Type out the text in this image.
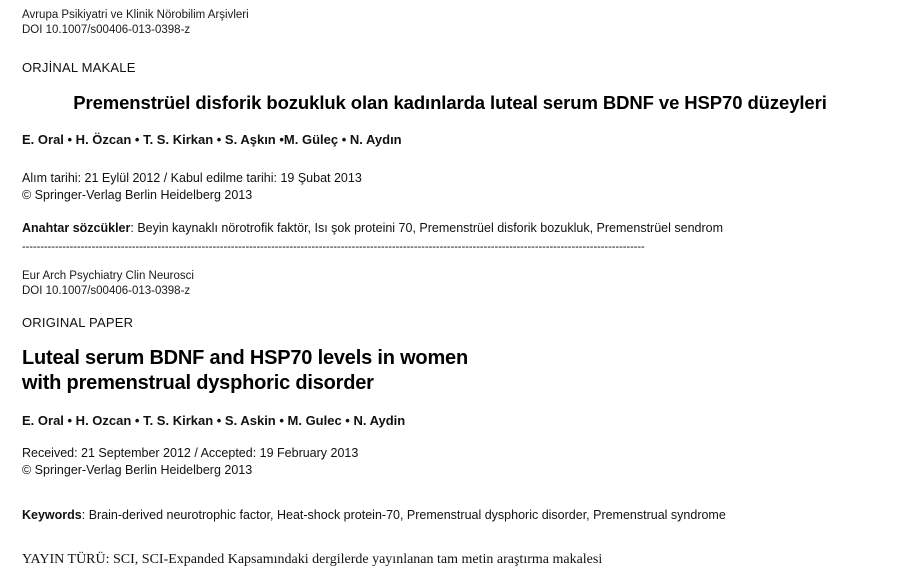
Avrupa Psikiyatri ve Klinik Nörobilim Arşivleri
DOI 10.1007/s00406-013-0398-z
ORJİNAL MAKALE
Premenstrüel disforik bozukluk olan kadınlarda luteal serum BDNF ve HSP70 düzeyleri
E. Oral • H. Özcan • T. S. Kirkan • S. Aşkın •M. Güleç • N. Aydın
Alım tarihi: 21 Eylül 2012 / Kabul edilme tarihi: 19 Şubat 2013
© Springer-Verlag Berlin Heidelberg 2013
Anahtar sözcükler: Beyin kaynaklı nörotrofik faktör, Isı şok proteini 70, Premenstrüel disforik bozukluk, Premenstrüel sendrom
--------------------------------------------------------------------------------------------------------------------------------------------------------------------------
Eur Arch Psychiatry Clin Neurosci
DOI 10.1007/s00406-013-0398-z
ORIGINAL PAPER
Luteal serum BDNF and HSP70 levels in women
with premenstrual dysphoric disorder
E. Oral • H. Ozcan • T. S. Kirkan • S. Askin • M. Gulec • N. Aydin
Received: 21 September 2012 / Accepted: 19 February 2013
© Springer-Verlag Berlin Heidelberg 2013
Keywords: Brain-derived neurotrophic factor, Heat-shock protein-70, Premenstrual dysphoric disorder, Premenstrual syndrome
YAYIN TÜRÜ: SCI, SCI-Expanded Kapsamındaki dergilerde yayınlanan tam metin araştırma makalesi
